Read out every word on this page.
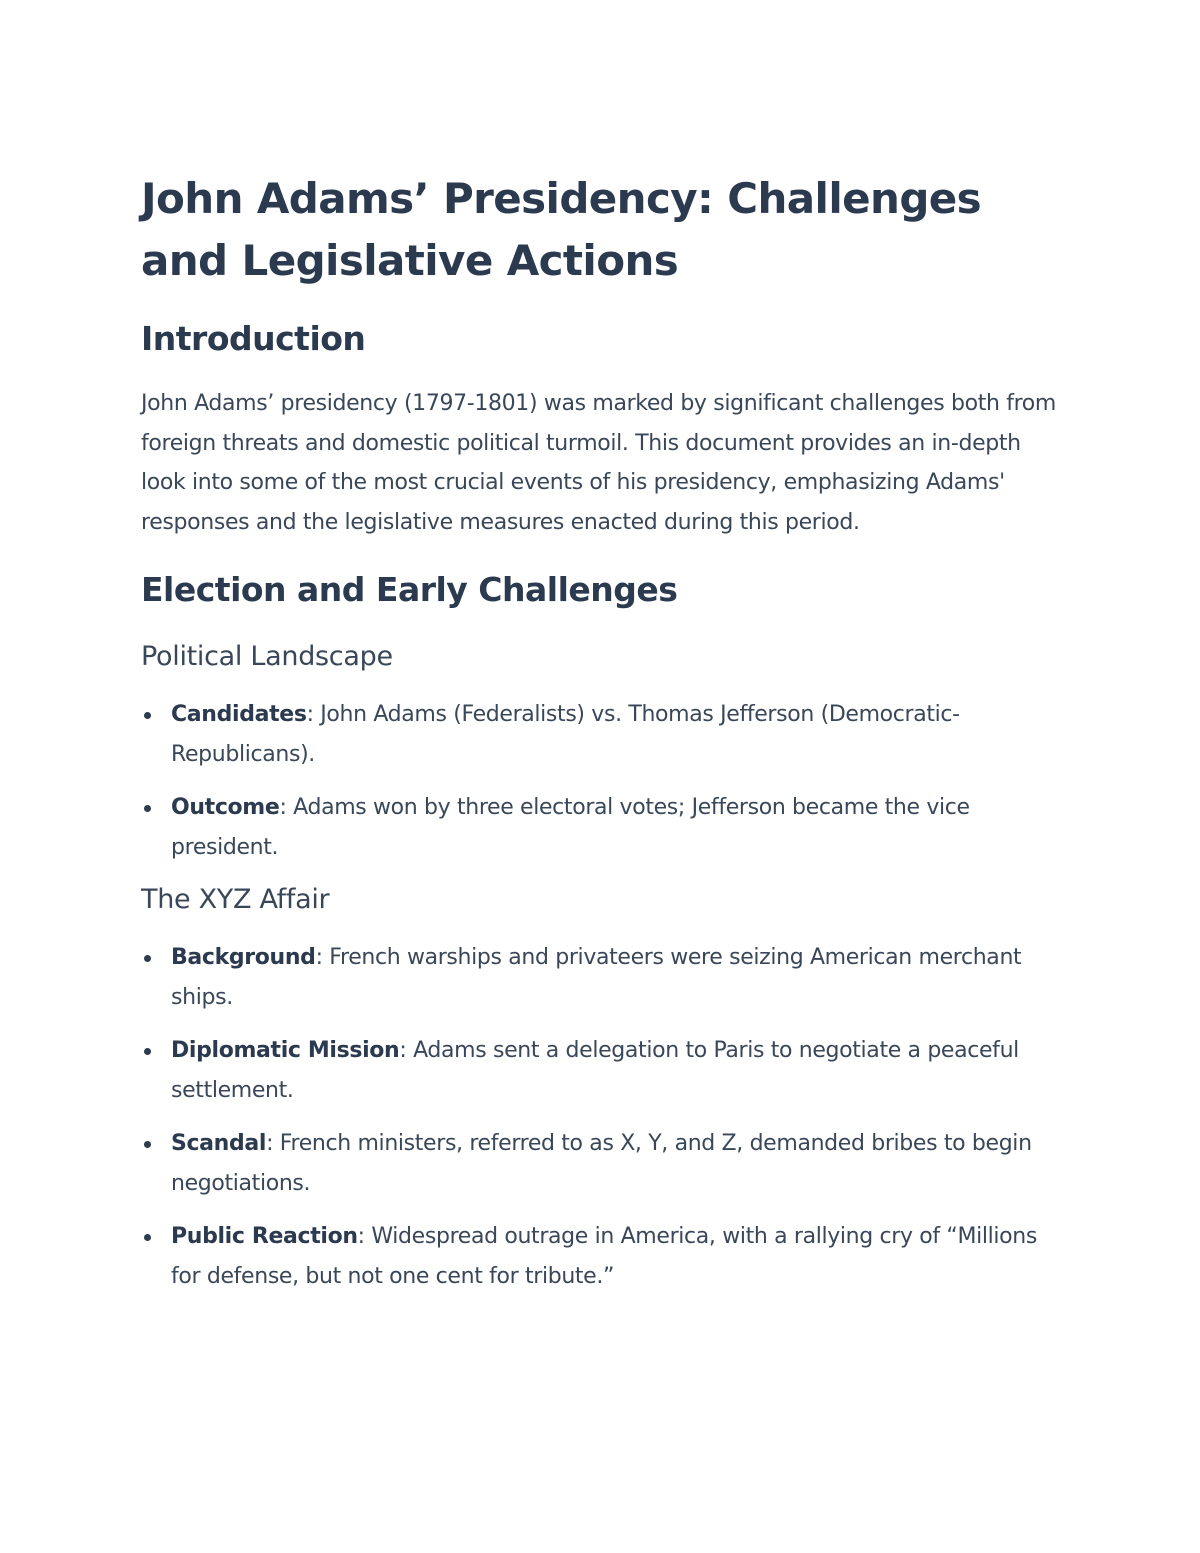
John Adams’ Presidency: Challenges and Legislative Actions
Introduction

John Adams’ presidency (1797-1801) was marked by significant challenges both from foreign threats and domestic political turmoil. This document provides an in-depth look into some of the most crucial events of his presidency, emphasizing Adams' responses and the legislative measures enacted during this period.

Election and Early Challenges
Political Landscape
Candidates: John Adams (Federalists) vs. Thomas Jefferson (Democratic-Republicans).
Outcome: Adams won by three electoral votes; Jefferson became the vice president.
The XYZ Affair
Background: French warships and privateers were seizing American merchant ships.
Diplomatic Mission: Adams sent a delegation to Paris to negotiate a peaceful settlement.
Scandal: French ministers, referred to as X, Y, and Z, demanded bribes to begin negotiations.
Public Reaction: Widespread outrage in America, with a rallying cry of “Millions for defense, but not one cent for tribute.”
